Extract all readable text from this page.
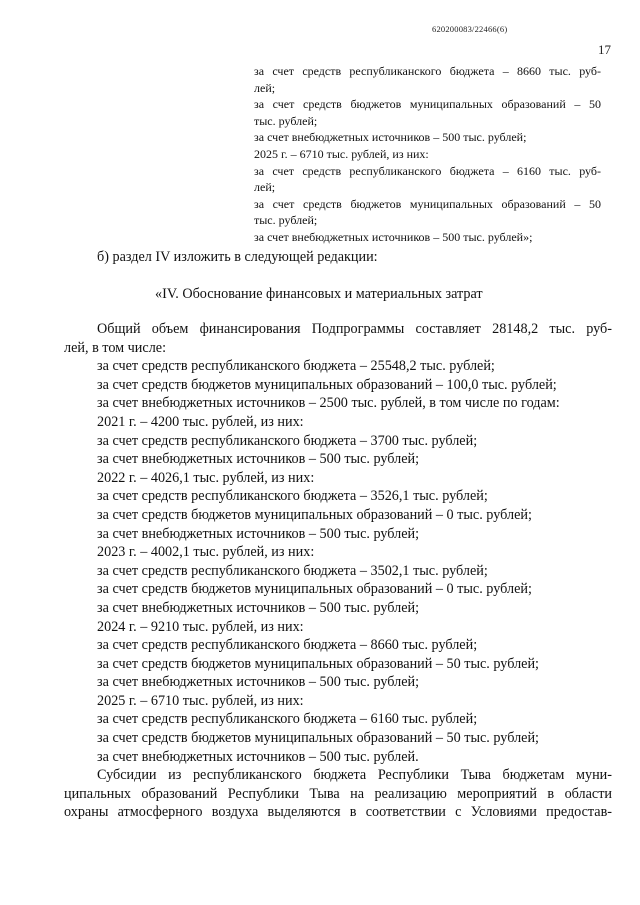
620200083/22466(6)
17
за счет средств республиканского бюджета – 8660 тыс. руб-
лей;
за счет средств бюджетов муниципальных образований – 50
тыс. рублей;
за счет внебюджетных источников – 500 тыс. рублей;
2025 г. – 6710 тыс. рублей, из них:
за счет средств республиканского бюджета – 6160 тыс. руб-
лей;
за счет средств бюджетов муниципальных образований – 50
тыс. рублей;
за счет внебюджетных источников – 500 тыс. рублей»;
б) раздел IV изложить в следующей редакции:
«IV. Обоснование финансовых и материальных затрат
Общий объем финансирования Подпрограммы составляет 28148,2 тыс. руб-
лей, в том числе:
за счет средств республиканского бюджета – 25548,2 тыс. рублей;
за счет средств бюджетов муниципальных образований – 100,0 тыс. рублей;
за счет внебюджетных источников – 2500 тыс. рублей, в том числе по годам:
2021 г. – 4200 тыс. рублей, из них:
за счет средств республиканского бюджета – 3700 тыс. рублей;
за счет внебюджетных источников – 500 тыс. рублей;
2022 г. – 4026,1 тыс. рублей, из них:
за счет средств республиканского бюджета – 3526,1 тыс. рублей;
за счет средств бюджетов муниципальных образований – 0 тыс. рублей;
за счет внебюджетных источников – 500 тыс. рублей;
2023 г. – 4002,1 тыс. рублей, из них:
за счет средств республиканского бюджета – 3502,1 тыс. рублей;
за счет средств бюджетов муниципальных образований – 0 тыс. рублей;
за счет внебюджетных источников – 500 тыс. рублей;
2024 г. – 9210 тыс. рублей, из них:
за счет средств республиканского бюджета – 8660 тыс. рублей;
за счет средств бюджетов муниципальных образований – 50 тыс. рублей;
за счет внебюджетных источников – 500 тыс. рублей;
2025 г. – 6710 тыс. рублей, из них:
за счет средств республиканского бюджета – 6160 тыс. рублей;
за счет средств бюджетов муниципальных образований – 50 тыс. рублей;
за счет внебюджетных источников – 500 тыс. рублей.
Субсидии из республиканского бюджета Республики Тыва бюджетам муни-
ципальных образований Республики Тыва на реализацию мероприятий в области
охраны атмосферного воздуха выделяются в соответствии с Условиями предостав-
